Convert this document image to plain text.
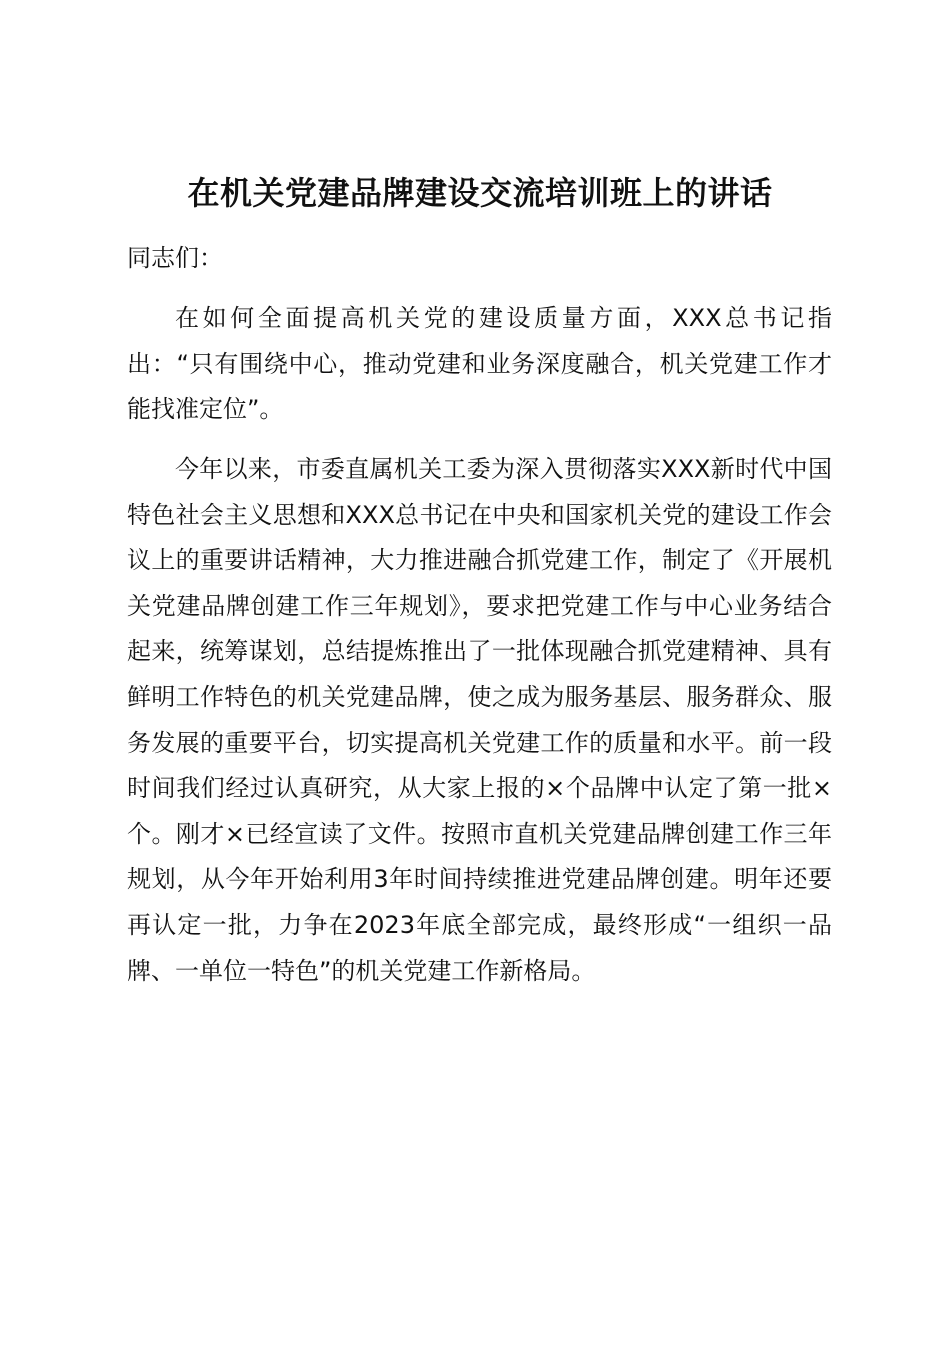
在机关党建品牌建设交流培训班上的讲话

同志们：

在如何全面提高机关党的建设质量方面，XXX总书记指出：“只有围绕中心，推动党建和业务深度融合，机关党建工作才能找准定位”。

今年以来，市委直属机关工委为深入贯彻落实XXX新时代中国特色社会主义思想和XXX总书记在中央和国家机关党的建设工作会议上的重要讲话精神，大力推进融合抓党建工作，制定了《开展机关党建品牌创建工作三年规划》，要求把党建工作与中心业务结合起来，统筹谋划，总结提炼推出了一批体现融合抓党建精神、具有鲜明工作特色的机关党建品牌，使之成为服务基层、服务群众、服务发展的重要平台，切实提高机关党建工作的质量和水平。前一段时间我们经过认真研究，从大家上报的×个品牌中认定了第一批×个。刚才×已经宣读了文件。按照市直机关党建品牌创建工作三年规划，从今年开始利用3年时间持续推进党建品牌创建。明年还要再认定一批，力争在2023年底全部完成，最终形成“一组织一品牌、一单位一特色”的机关党建工作新格局。
